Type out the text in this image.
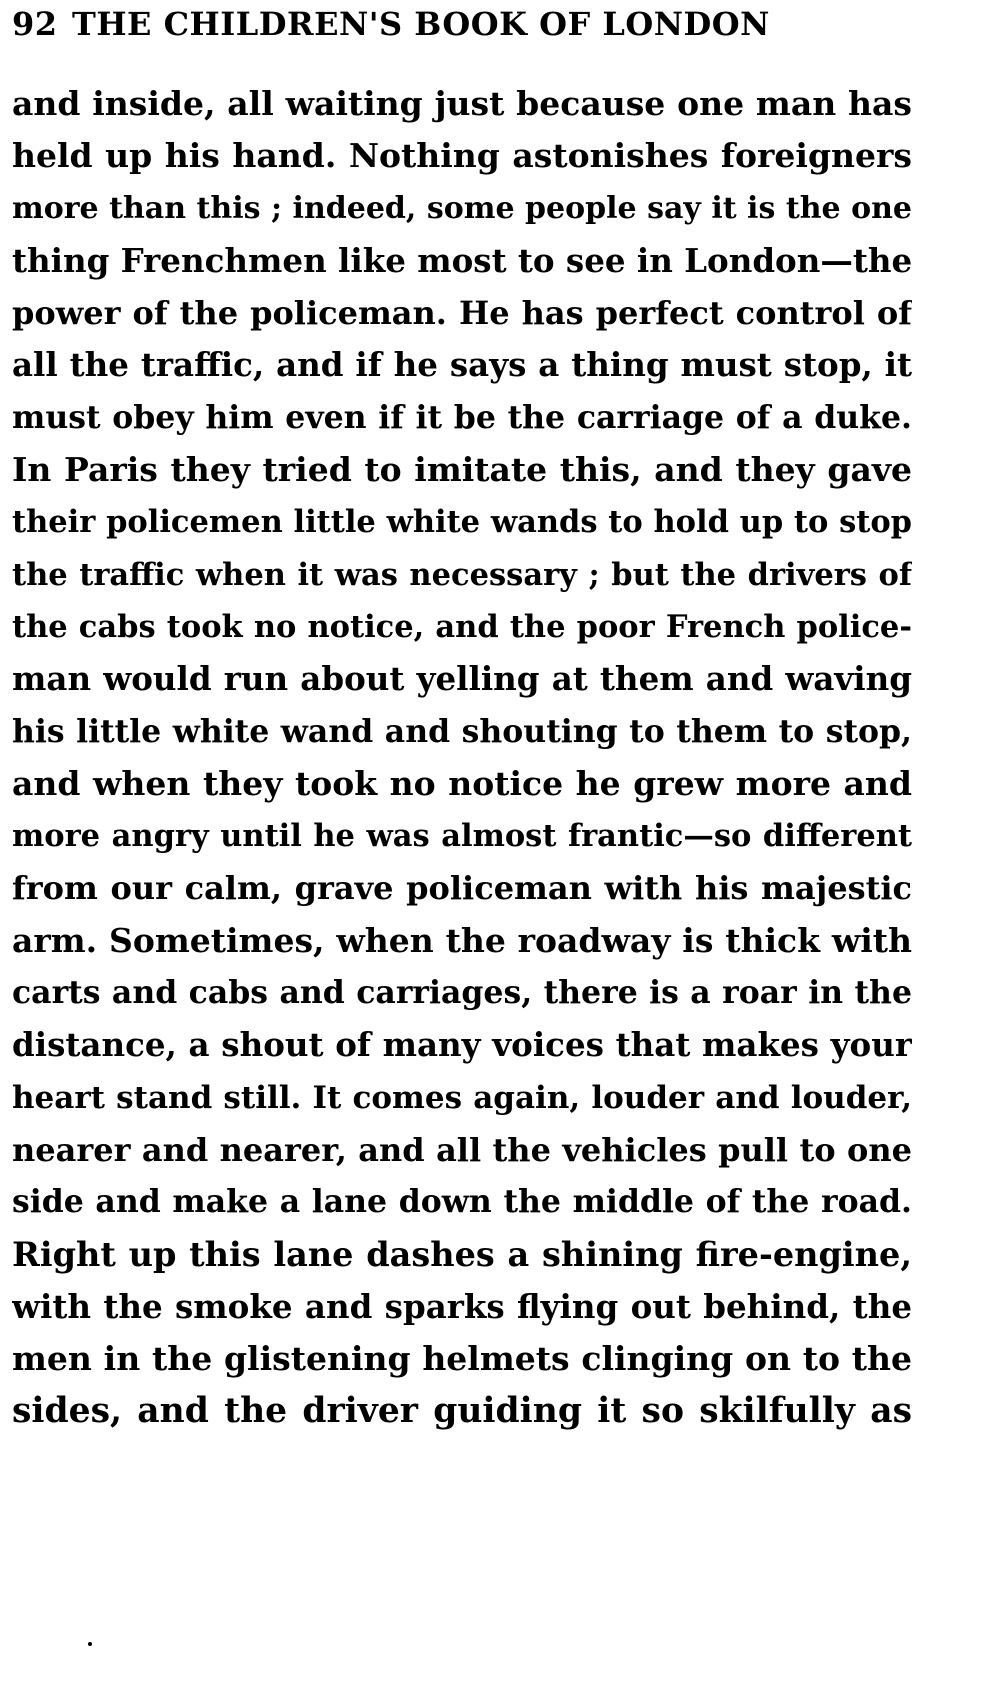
92 THE CHILDREN'S BOOK OF LONDON
and inside, all waiting just because one man has
held up his hand. Nothing astonishes foreigners
more than this ; indeed, some people say it is the one
thing Frenchmen like most to see in London—the
power of the policeman. He has perfect control of
all the traffic, and if he says a thing must stop, it
must obey him even if it be the carriage of a duke.
In Paris they tried to imitate this, and they gave
their policemen little white wands to hold up to stop
the traffic when it was necessary ; but the drivers of
the cabs took no notice, and the poor French police-
man would run about yelling at them and waving
his little white wand and shouting to them to stop,
and when they took no notice he grew more and
more angry until he was almost frantic—so different
from our calm, grave policeman with his majestic
arm. Sometimes, when the roadway is thick with
carts and cabs and carriages, there is a roar in the
distance, a shout of many voices that makes your
heart stand still. It comes again, louder and louder,
nearer and nearer, and all the vehicles pull to one
side and make a lane down the middle of the road.
Right up this lane dashes a shining fire-engine,
with the smoke and sparks flying out behind, the
men in the glistening helmets clinging on to the
sides, and the driver guiding it so skilfully as
